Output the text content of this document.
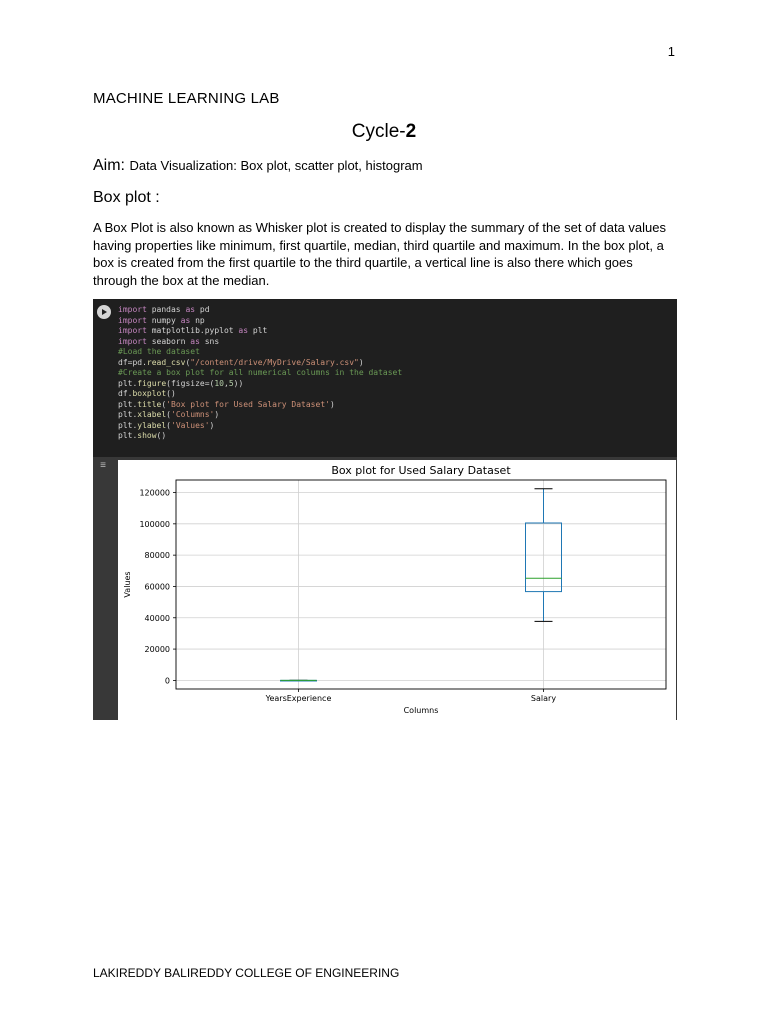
1
MACHINE LEARNING LAB
Cycle-2
Aim: Data Visualization: Box plot, scatter plot, histogram
Box plot :
A Box Plot is also known as Whisker plot is created to display the summary of the set of data values having properties like minimum, first quartile, median, third quartile and maximum. In the box plot, a box is created from the first quartile to the third quartile, a vertical line is also there which goes through the box at the median.
import pandas as pd
import numpy as np
import matplotlib.pyplot as plt
import seaborn as sns
#Load the dataset
df=pd.read_csv("/content/drive/MyDrive/Salary.csv")
#Create a box plot for all numerical columns in the dataset
plt.figure(figsize=(10,5))
df.boxplot()
plt.title('Box plot for Used Salary Dataset')
plt.xlabel('Columns')
plt.ylabel('Values')
plt.show()

≡	Box plot for Used Salary Dataset
0
20000
40000
60000
80000
100000
120000
YearsExperience	Salary
Columns
Values
LAKIREDDY BALIREDDY COLLEGE OF ENGINEERING
